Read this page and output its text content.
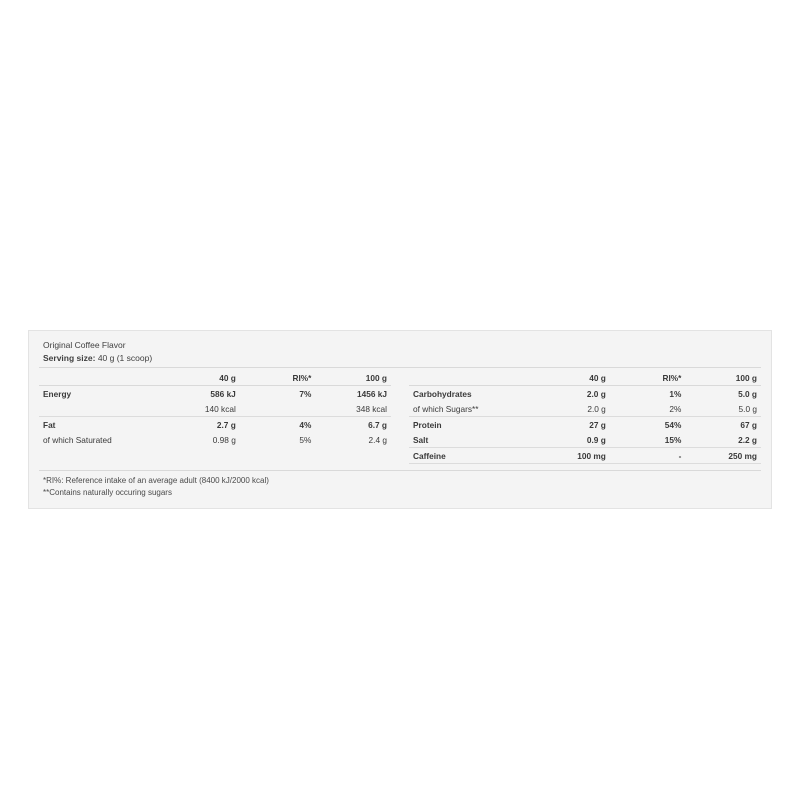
Original Coffee Flavor
Serving size: 40 g (1 scoop)
	40 g	RI%*	100 g
Energy	586 kJ	7%	1456 kJ
	140 kcal		348 kcal
Fat	2.7 g	4%	6.7 g
of which Saturated	0.98 g	5%	2.4 g
	40 g	RI%*	100 g
Carbohydrates	2.0 g	1%	5.0 g
of which Sugars**	2.0 g	2%	5.0 g
Protein	27 g	54%	67 g
Salt	0.9 g	15%	2.2 g
Caffeine	100 mg	-	250 mg
*RI%: Reference intake of an average adult (8400 kJ/2000 kcal)
**Contains naturally occuring sugars
